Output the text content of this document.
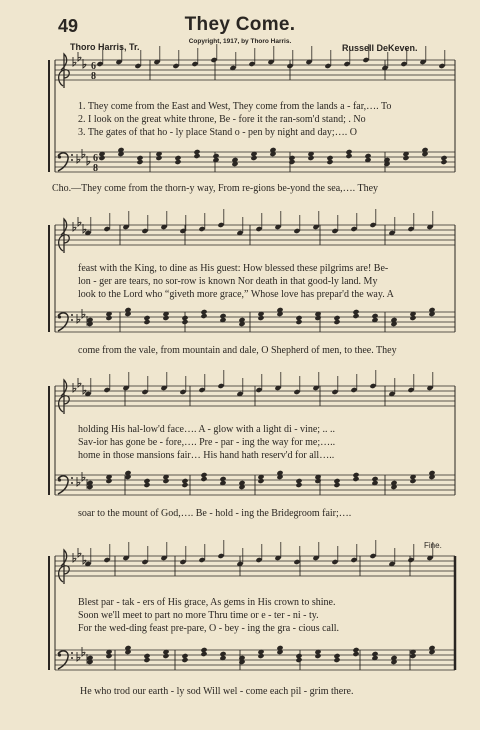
49	They Come.
Thoro Harris, Tr.
Copyright, 1917, by Thoro Harris.
Russell DeKeven.
1. They come from the East and West, They come from the lands a - far,…. To
2. I look on the great white throne, Be - fore it the ran-som'd stand; . No
3. The gates of that ho - ly place Stand o - pen by night and day;…. O
Cho.—They come from the thorn-y way, From re-gions be-yond the sea,…. They
feast with the King, to dine as His guest: How blessed these pilgrims are! Be-
lon - ger are tears, no sor-row is known Nor death in that good-ly land. My
look to the Lord who “giveth more grace,” Whose love has prepar'd the way. A
come from the vale, from mountain and dale, O Shepherd of men, to thee. They
holding His hal-low'd face…. A - glow with a light di - vine; .. ..
Sav-ior has gone be - fore,…. Pre - par - ing the way for me;…..
home in those mansions fair… His hand hath reserv'd for all…..
soar to the mount of God,…. Be - hold - ing the Bridegroom fair;….
Fine.
Blest par - tak - ers of His grace, As gems in His crown to shine.
Soon we'll meet to part no more Thru time or e - ter - ni - ty.
For the wed-ding feast pre-pare, O - bey - ing the gra - cious call.
He who trod our earth - ly sod Will wel - come each pil - grim there.
6
8
6
8
